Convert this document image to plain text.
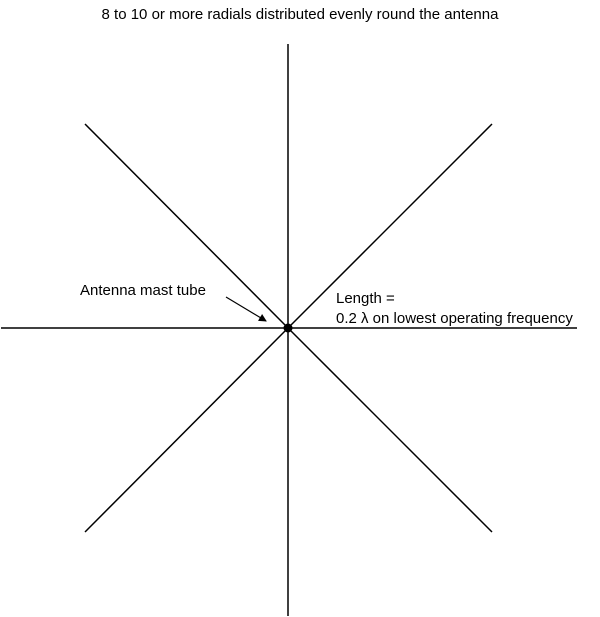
8 to 10 or more radials distributed evenly round the antenna
Antenna mast tube	Length =
0.2 λ on lowest operating frequency
